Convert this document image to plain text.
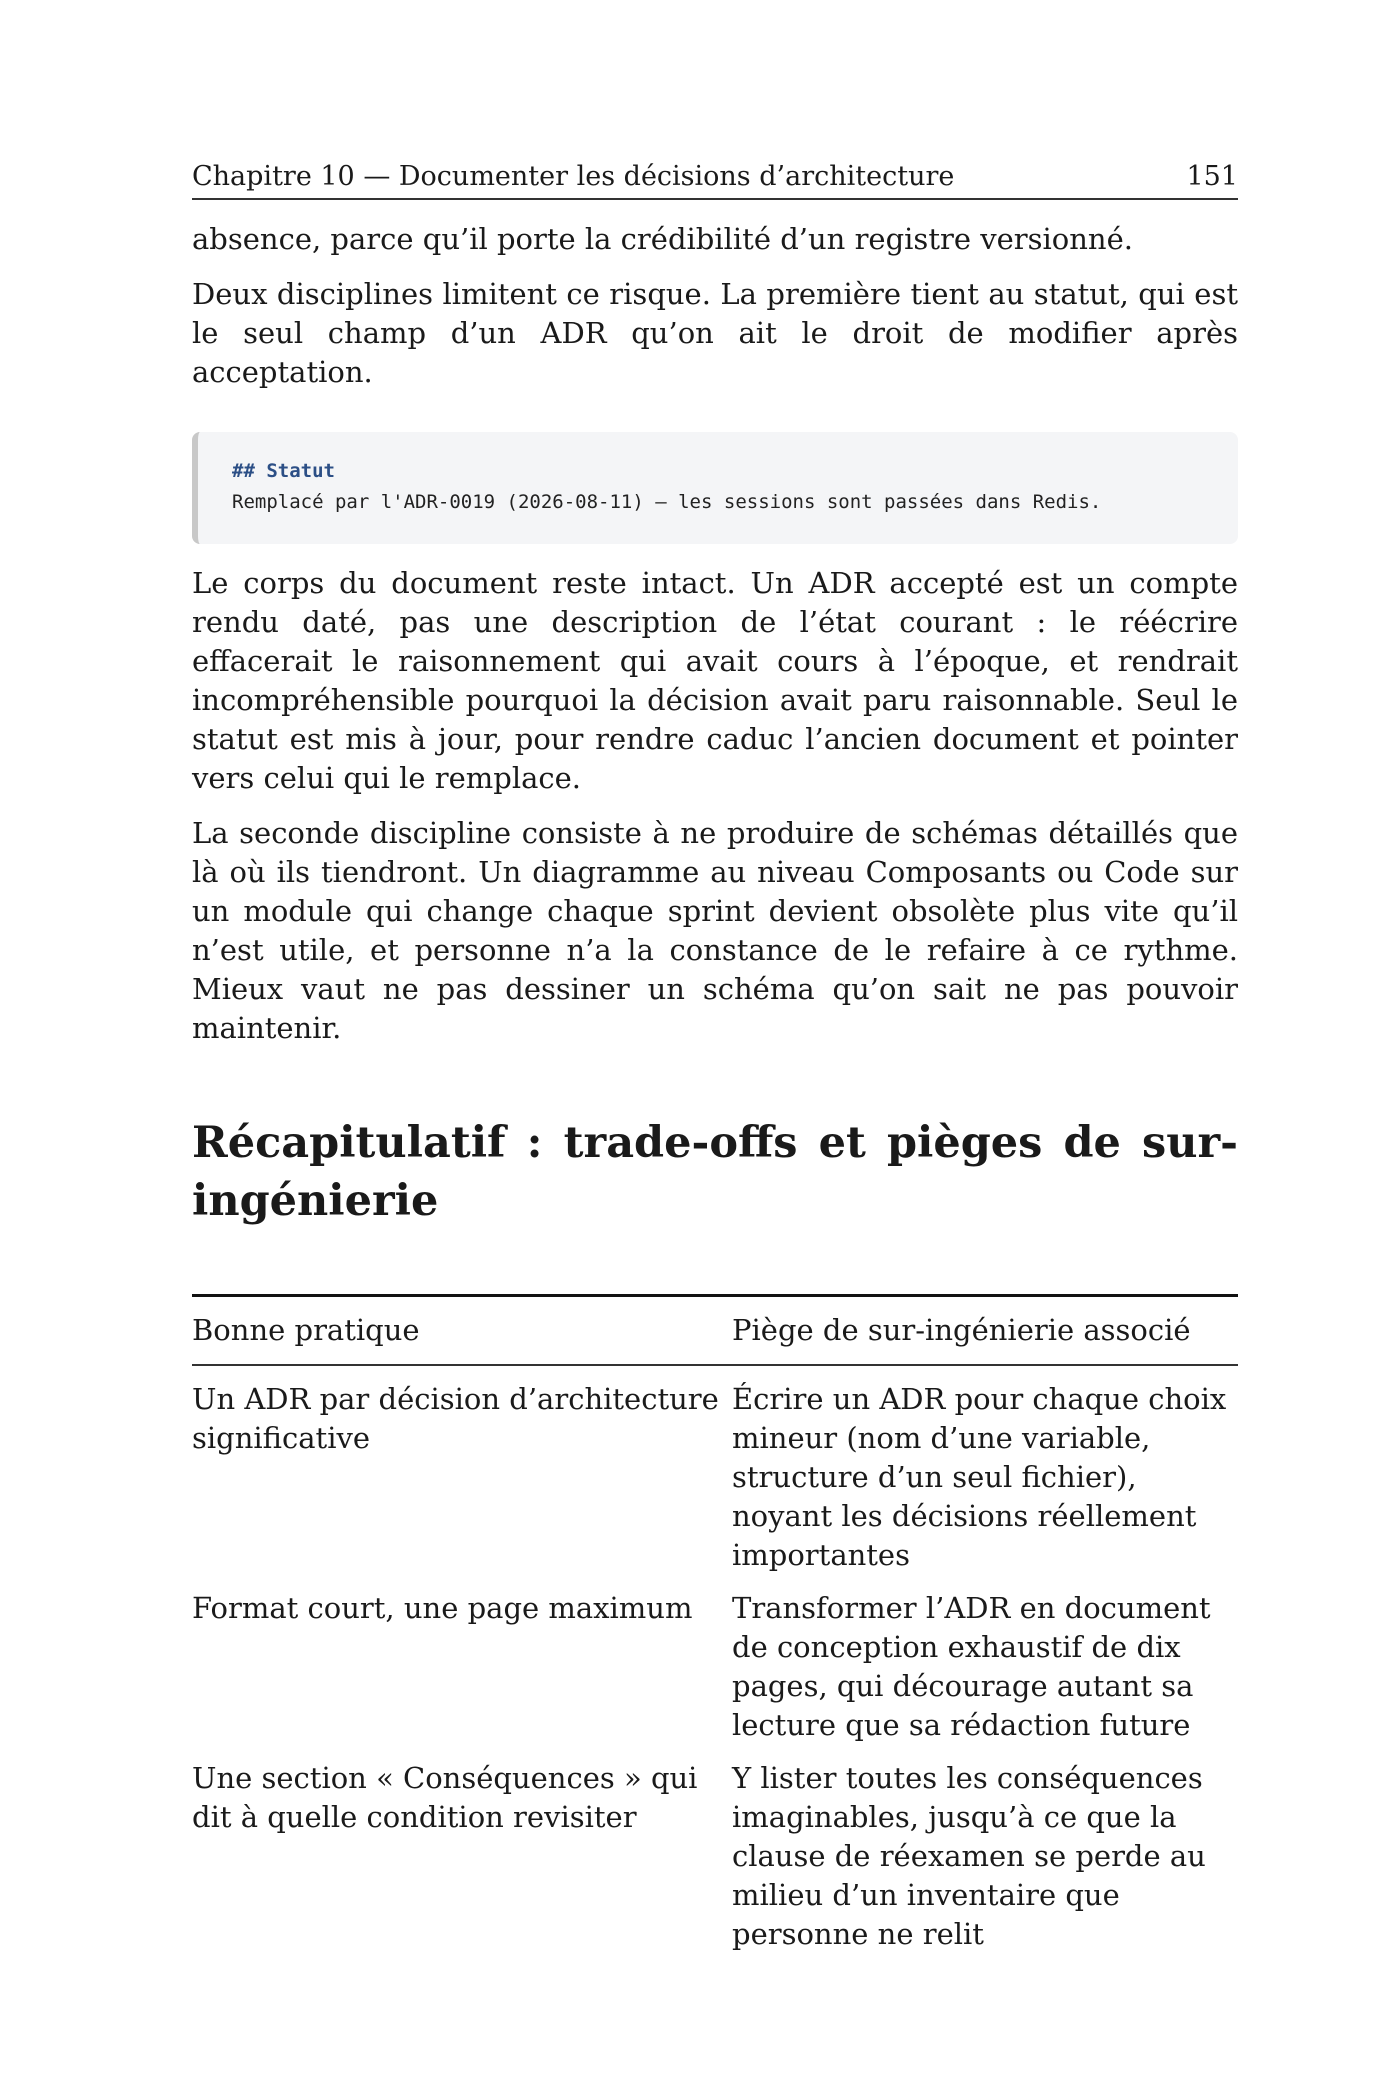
Chapitre 10 — Documenter les décisions d’architecture	151

absence, parce qu’il porte la crédibilité d’un registre versionné.

Deux disciplines limitent ce risque. La première tient au statut, qui est le seul champ d’un ADR qu’on ait le droit de modifier après acceptation.

## Statut
Remplacé par l'ADR-0019 (2026-08-11) — les sessions sont passées dans Redis.

Le corps du document reste intact. Un ADR accepté est un compte rendu daté, pas une description de l’état courant : le réécrire effacerait le raisonnement qui avait cours à l’époque, et rendrait incompréhensible pourquoi la décision avait paru raisonnable. Seul le statut est mis à jour, pour rendre caduc l’ancien document et pointer vers celui qui le remplace.

La seconde discipline consiste à ne produire de schémas détaillés que là où ils tiendront. Un diagramme au niveau Composants ou Code sur un module qui change chaque sprint devient obsolète plus vite qu’il n’est utile, et personne n’a la constance de le refaire à ce rythme. Mieux vaut ne pas dessiner un schéma qu’on sait ne pas pouvoir maintenir.

Récapitulatif : trade-offs et pièges de sur-ingénierie
Bonne pratique	Piège de sur-ingénierie associé
Un ADR par décision d’architecture significative	Écrire un ADR pour chaque choix mineur (nom d’une variable, structure d’un seul fichier), noyant les décisions réellement importantes
Format court, une page maximum	Transformer l’ADR en document de conception exhaustif de dix pages, qui décourage autant sa lecture que sa rédaction future
Une section « Conséquences » qui dit à quelle condition revisiter	Y lister toutes les conséquences imaginables, jusqu’à ce que la clause de réexamen se perde au milieu d’un inventaire que personne ne relit
